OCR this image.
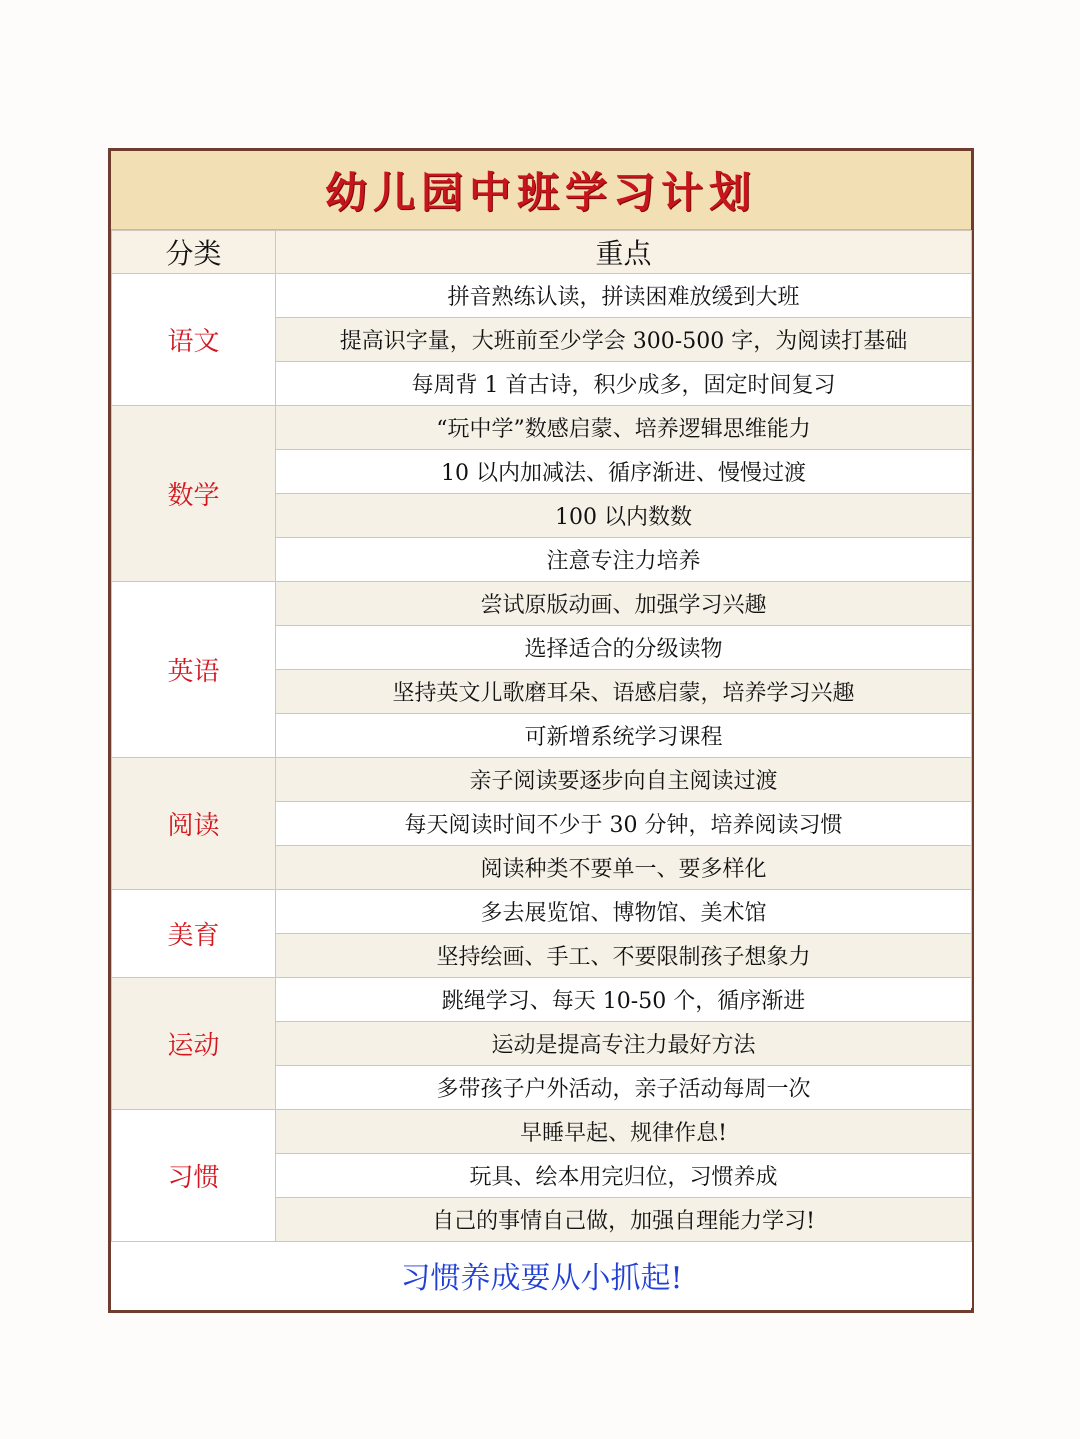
幼儿园中班学习计划
分类	重点
语文	拼音熟练认读，拼读困难放缓到大班
	提高识字量，大班前至少学会 300-500 字，为阅读打基础
	每周背 1 首古诗，积少成多，固定时间复习
数学	“玩中学”数感启蒙、培养逻辑思维能力
	10 以内加减法、循序渐进、慢慢过渡
	100 以内数数
	注意专注力培养
英语	尝试原版动画、加强学习兴趣
	选择适合的分级读物
	坚持英文儿歌磨耳朵、语感启蒙，培养学习兴趣
	可新增系统学习课程
阅读	亲子阅读要逐步向自主阅读过渡
	每天阅读时间不少于 30 分钟，培养阅读习惯
	阅读种类不要单一、要多样化
美育	多去展览馆、博物馆、美术馆
	坚持绘画、手工、不要限制孩子想象力
运动	跳绳学习、每天 10-50 个，循序渐进
	运动是提高专注力最好方法
	多带孩子户外活动，亲子活动每周一次
习惯	早睡早起、规律作息!
	玩具、绘本用完归位，习惯养成
	自己的事情自己做，加强自理能力学习!
习惯养成要从小抓起!	
